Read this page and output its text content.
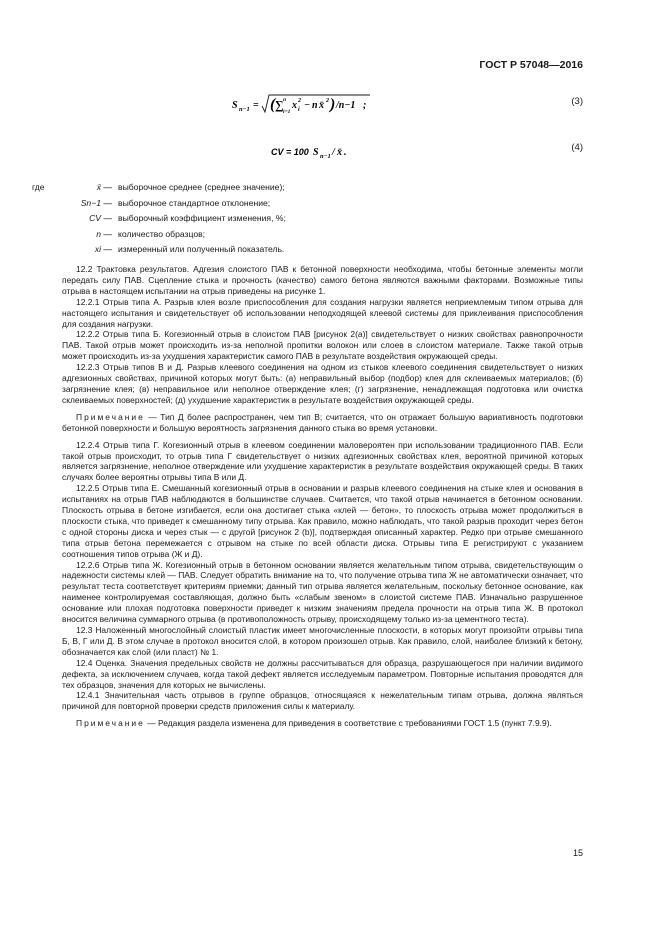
ГОСТ Р 57048—2016
S n−1 = ( ∑ n
i=1
x i
2 − n x̄ 2 ) /n−1 ;	(3)
CV = 100 S n−1 / x̄ .	(4)
где	x̄ — выборочное среднее (среднее значение);
Sn−1 — выборочное стандартное отклонение;
CV — выборочный коэффициент изменения, %;
n — количество образцов;
xi — измеренный или полученный показатель.

12.2 Трактовка результатов. Адгезия слоистого ПАВ к бетонной поверхности необходима, чтобы бетонные элементы могли передать силу ПАВ. Сцепление стыка и прочность (качество) самого бетона являются важными факторами. Возможные типы отрыва в настоящем испытании на отрыв приведены на рисунке 1.

12.2.1 Отрыв типа А. Разрыв клея возле приспособления для создания нагрузки является неприемлемым типом отрыва для настоящего испытания и свидетельствует об использовании неподходящей клеевой системы для приклеивания приспособления для создания нагрузки.

12.2.2 Отрыв типа Б. Когезионный отрыв в слоистом ПАВ [рисунок 2(а)] свидетельствует о низких свойствах равнопрочности ПАВ. Такой отрыв может происходить из-за неполной пропитки волокон или слоев в слоистом материале. Также такой отрыв может происходить из-за ухудшения характеристик самого ПАВ в результате воздействия окружающей среды.

12.2.3 Отрыв типов В и Д. Разрыв клеевого соединения на одном из стыков клеевого соединения свидетельствует о низких адгезионных свойствах, причиной которых могут быть: (a) неправильный выбор (подбор) клея для склеиваемых материалов; (б) загрязнение клея; (в) неправильное или неполное отверждение клея; (г) загрязнение, ненадлежащая подготовка или очистка склеиваемых поверхностей; (д) ухудшение характеристик в результате воздействия окружающей среды.

Примечание — Тип Д более распространен, чем тип В; считается, что он отражает большую вариативность подготовки бетонной поверхности и большую вероятность загрязнения данного стыка во время установки.

12.2.4 Отрыв типа Г. Когезионный отрыв в клеевом соединении маловероятен при использовании традиционного ПАВ. Если такой отрыв происходит, то отрыв типа Г свидетельствует о низких адгезионных свойствах клея, вероятной причиной которых является загрязнение, неполное отверждение или ухудшение характеристик в результате воздействия окружающей среды. В таких случаях более вероятны отрывы типа В или Д.

12.2.5 Отрыв типа Е. Смешанный когезионный отрыв в основании и разрыв клеевого соединения на стыке клея и основания в испытаниях на отрыв ПАВ наблюдаются в большинстве случаев. Считается, что такой отрыв начинается в бетонном основании. Плоскость отрыва в бетоне изгибается, если она достигает стыка «клей — бетон», то плоскость отрыва может продолжиться в плоскости стыка, что приведет к смешанному типу отрыва. Как правило, можно наблюдать, что такой разрыв проходит через бетон с одной стороны диска и через стык — с другой [рисунок 2 (b)], подтверждая описанный характер. Редко при отрыве смешанного типа отрыв бетона перемежается с отрывом на стыке по всей области диска. Отрывы типа Е регистрируют с указанием соотношения типов отрыва (Ж и Д).

12.2.6 Отрыв типа Ж. Когезионный отрыв в бетонном основании является желательным типом отрыва, свидетельствующим о надежности системы клей — ПАВ. Следует обратить внимание на то, что получение отрыва типа Ж не автоматически означает, что результат теста соответствует критериям приемки; данный тип отрыва является желательным, поскольку бетонное основание, как наименее контролируемая составляющая, должно быть «слабым звеном» в слоистой системе ПАВ. Изначально разрушенное основание или плохая подготовка поверхности приведет к низким значениям предела прочности на отрыв типа Ж. В протокол вносится величина суммарного отрыва (в противоположность отрыву, происходящему только из-за цементного теста).

12.3 Наложенный многослойный слоистый пластик имеет многочисленные плоскости, в которых могут произойти отрывы типа Б, В, Г или Д. В этом случае в протокол вносится слой, в котором произошел отрыв. Как правило, слой, наиболее близкий к бетону, обозначается как слой (или пласт) № 1.

12.4 Оценка. Значения предельных свойств не должны рассчитываться для образца, разрушающегося при наличии видимого дефекта, за исключением случаев, когда такой дефект является исследуемым параметром. Повторные испытания проводятся для тех образцов, значения для которых не вычислены.

12.4.1 Значительная часть отрывов в группе образцов, относящаяся к нежелательным типам отрыва, должна являться причиной для повторной проверки средств приложения силы к материалу.

Примечание — Редакция раздела изменена для приведения в соответствие с требованиями ГОСТ 1.5 (пункт 7.9.9).

15
